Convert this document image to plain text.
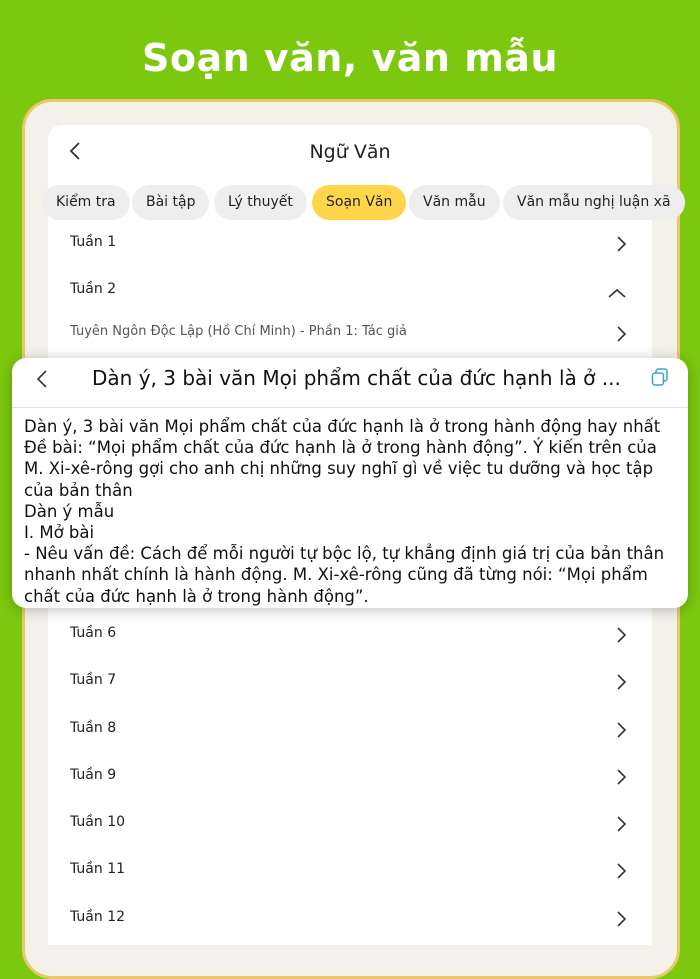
Soạn văn, văn mẫu
Ngữ Văn
Kiểm tra	Bài tập	Lý thuyết	Soạn Văn	Văn mẫu	Văn mẫu nghị luận xã
Tuần 1
Tuần 2
Tuyên Ngôn Độc Lập (Hồ Chí Minh) - Phần 1: Tác giả
Tuần 6
Tuần 7
Tuần 8
Tuần 9
Tuần 10
Tuần 11
Tuần 12
Dàn ý, 3 bài văn Mọi phẩm chất của đức hạnh là ở ...

Dàn ý, 3 bài văn Mọi phẩm chất của đức hạnh là ở trong hành động hay nhất

Đề bài: “Mọi phẩm chất của đức hạnh là ở trong hành động”. Ý kiến trên của M. Xi-xê-rông gợi cho anh chị những suy nghĩ gì về việc tu dưỡng và học tập của bản thân

Dàn ý mẫu

I. Mở bài

- Nêu vấn đề: Cách để mỗi người tự bộc lộ, tự khẳng định giá trị của bản thân nhanh nhất chính là hành động. M. Xi-xê-rông cũng đã từng nói: “Mọi phẩm chất của đức hạnh là ở trong hành động”.
